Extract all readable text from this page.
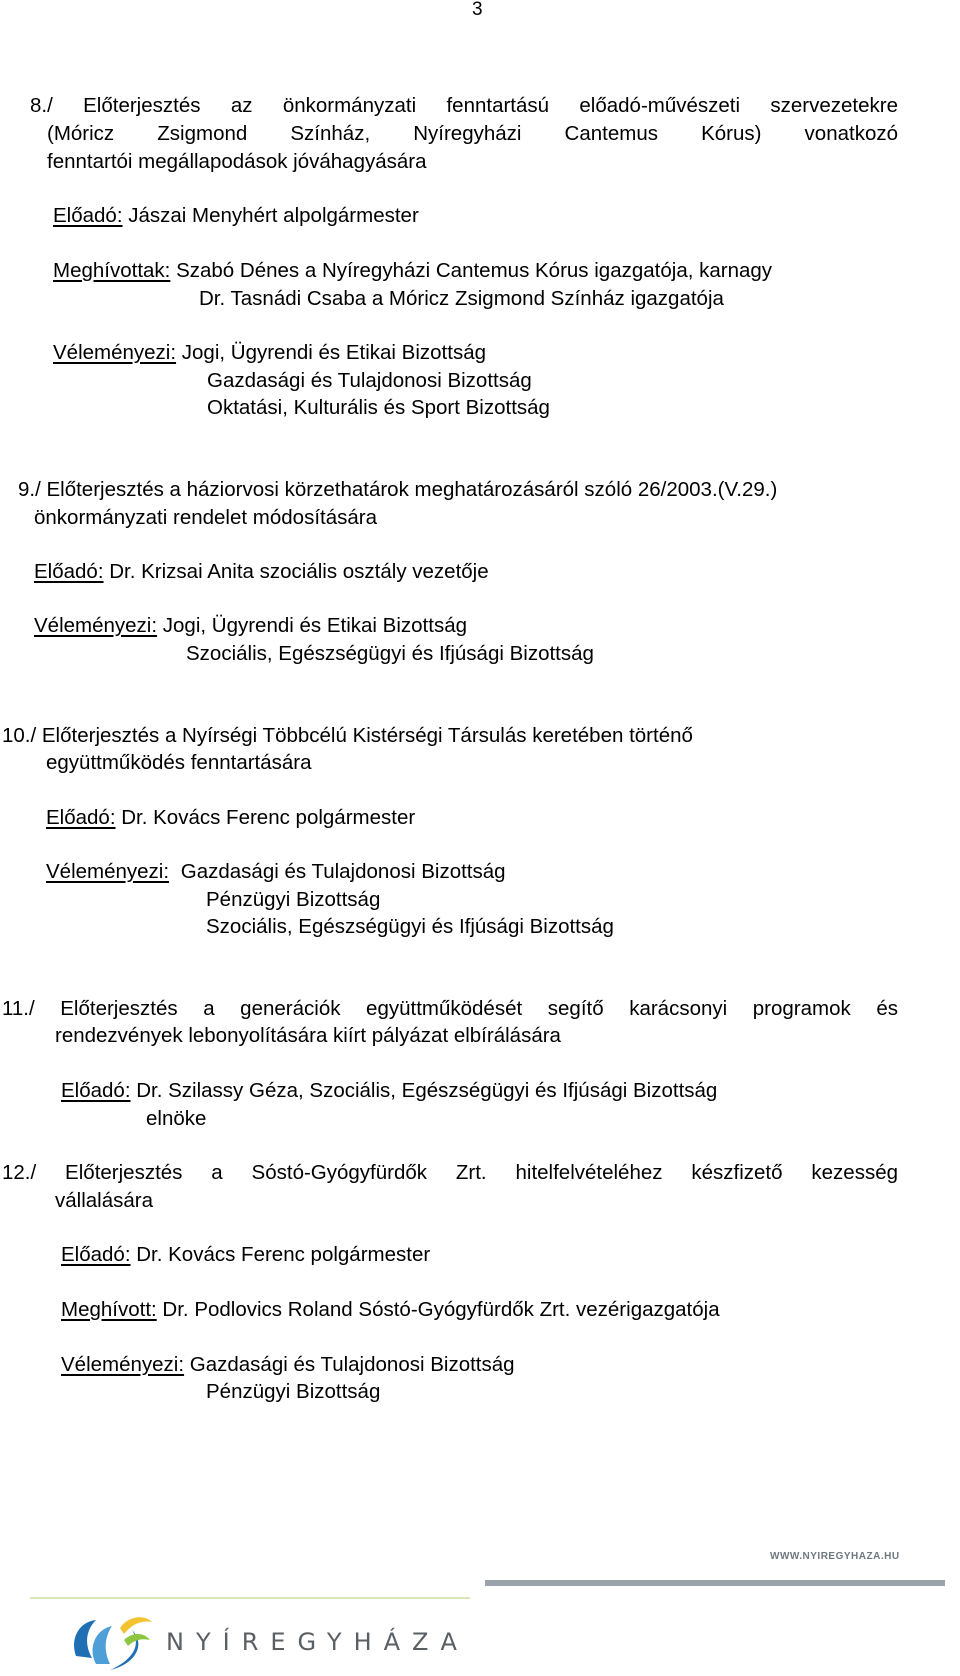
3
8./ Előterjesztés az önkormányzati fenntartású előadó-művészeti szervezetekre
(Móricz Zsigmond Színház, Nyíregyházi Cantemus Kórus) vonatkozó
fenntartói megállapodások jóváhagyására
Előadó: Jászai Menyhért alpolgármester
Meghívottak: Szabó Dénes a Nyíregyházi Cantemus Kórus igazgatója, karnagy
Dr. Tasnádi Csaba a Móricz Zsigmond Színház igazgatója
Véleményezi: Jogi, Ügyrendi és Etikai Bizottság
Gazdasági és Tulajdonosi Bizottság
Oktatási, Kulturális és Sport Bizottság
9./ Előterjesztés a háziorvosi körzethatárok meghatározásáról szóló 26/2003.(V.29.)
önkormányzati rendelet módosítására
Előadó: Dr. Krizsai Anita szociális osztály vezetője
Véleményezi: Jogi, Ügyrendi és Etikai Bizottság
Szociális, Egészségügyi és Ifjúsági Bizottság
10./ Előterjesztés a Nyírségi Többcélú Kistérségi Társulás keretében történő
együttműködés fenntartására
Előadó: Dr. Kovács Ferenc polgármester
Véleményezi: Gazdasági és Tulajdonosi Bizottság
Pénzügyi Bizottság
Szociális, Egészségügyi és Ifjúsági Bizottság
11./ Előterjesztés a generációk együttműködését segítő karácsonyi programok és
rendezvények lebonyolítására kiírt pályázat elbírálására
Előadó: Dr. Szilassy Géza, Szociális, Egészségügyi és Ifjúsági Bizottság
elnöke
12./ Előterjesztés a Sóstó-Gyógyfürdők Zrt. hitelfelvételéhez készfizető kezesség
vállalására
Előadó: Dr. Kovács Ferenc polgármester
Meghívott: Dr. Podlovics Roland Sóstó-Gyógyfürdők Zrt. vezérigazgatója
Véleményezi: Gazdasági és Tulajdonosi Bizottság
Pénzügyi Bizottság
WWW.NYIREGYHAZA.HU
NYÍREGYHÁZA
